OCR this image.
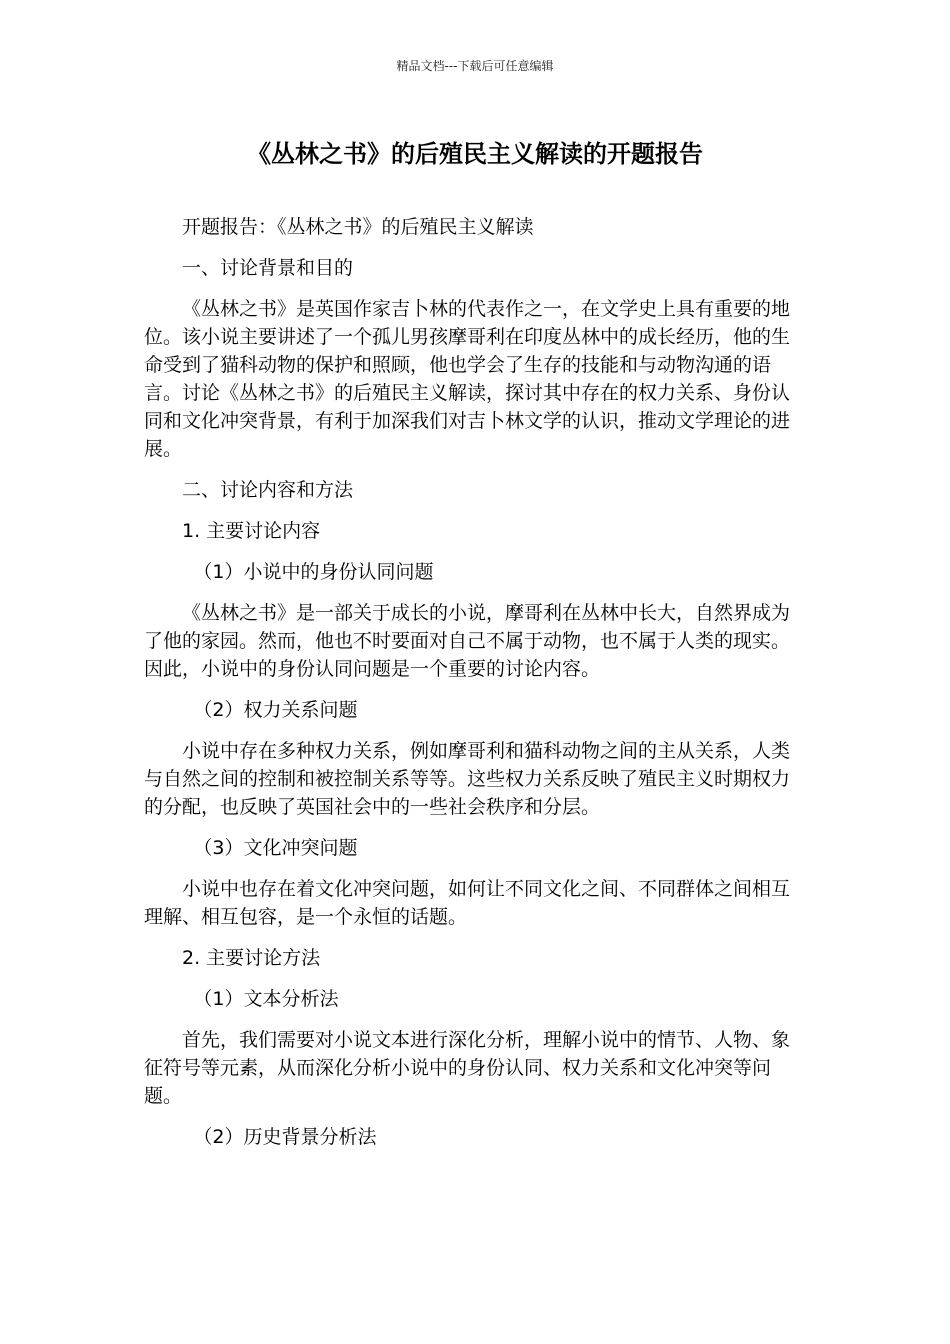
精品文档---下载后可任意编辑
《丛林之书》的后殖民主义解读的开题报告

开题报告：《丛林之书》的后殖民主义解读

一、讨论背景和目的

《丛林之书》是英国作家吉卜林的代表作之一，在文学史上具有重要的地位。该小说主要讲述了一个孤儿男孩摩哥利在印度丛林中的成长经历，他的生命受到了猫科动物的保护和照顾，他也学会了生存的技能和与动物沟通的语言。讨论《丛林之书》的后殖民主义解读，探讨其中存在的权力关系、身份认同和文化冲突背景，有利于加深我们对吉卜林文学的认识，推动文学理论的进展。

二、讨论内容和方法

1. 主要讨论内容

（1）小说中的身份认同问题

《丛林之书》是一部关于成长的小说，摩哥利在丛林中长大，自然界成为了他的家园。然而，他也不时要面对自己不属于动物，也不属于人类的现实。因此，小说中的身份认同问题是一个重要的讨论内容。

（2）权力关系问题

小说中存在多种权力关系，例如摩哥利和猫科动物之间的主从关系，人类与自然之间的控制和被控制关系等等。这些权力关系反映了殖民主义时期权力的分配，也反映了英国社会中的一些社会秩序和分层。

（3）文化冲突问题

小说中也存在着文化冲突问题，如何让不同文化之间、不同群体之间相互理解、相互包容，是一个永恒的话题。

2. 主要讨论方法

（1）文本分析法

首先，我们需要对小说文本进行深化分析，理解小说中的情节、人物、象征符号等元素，从而深化分析小说中的身份认同、权力关系和文化冲突等问题。

（2）历史背景分析法
